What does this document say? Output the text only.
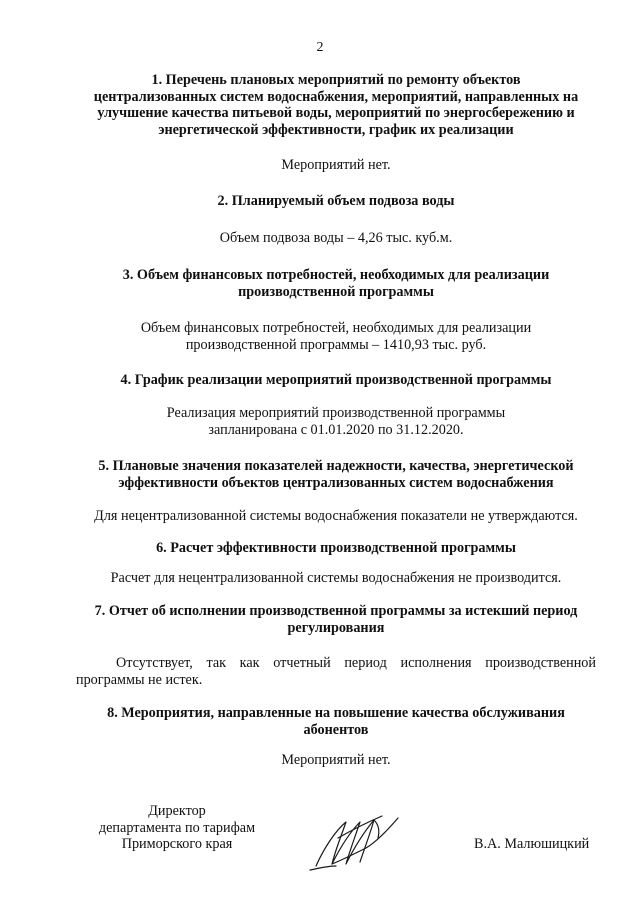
2
1. Перечень плановых мероприятий по ремонту объектов
централизованных систем водоснабжения, мероприятий, направленных на
улучшение качества питьевой воды, мероприятий по энергосбережению и
энергетической эффективности, график их реализации
Мероприятий нет.
2. Планируемый объем подвоза воды
Объем подвоза воды – 4,26 тыс. куб.м.
3. Объем финансовых потребностей, необходимых для реализации
производственной программы
Объем финансовых потребностей, необходимых для реализации
производственной программы – 1410,93 тыс. руб.
4. График реализации мероприятий производственной программы
Реализация мероприятий производственной программы
запланирована с 01.01.2020 по 31.12.2020.
5. Плановые значения показателей надежности, качества, энергетической
эффективности объектов централизованных систем водоснабжения
Для нецентрализованной системы водоснабжения показатели не утверждаются.
6. Расчет эффективности производственной программы
Расчет для нецентрализованной системы водоснабжения не производится.
7. Отчет об исполнении производственной программы за истекший период
регулирования
Отсутствует, так как отчетный период исполнения производственной
программы не истек.
8. Мероприятия, направленные на повышение качества обслуживания
абонентов
Мероприятий нет.
Директор
департамента по тарифам
Приморского края	В.А. Малюшицкий
